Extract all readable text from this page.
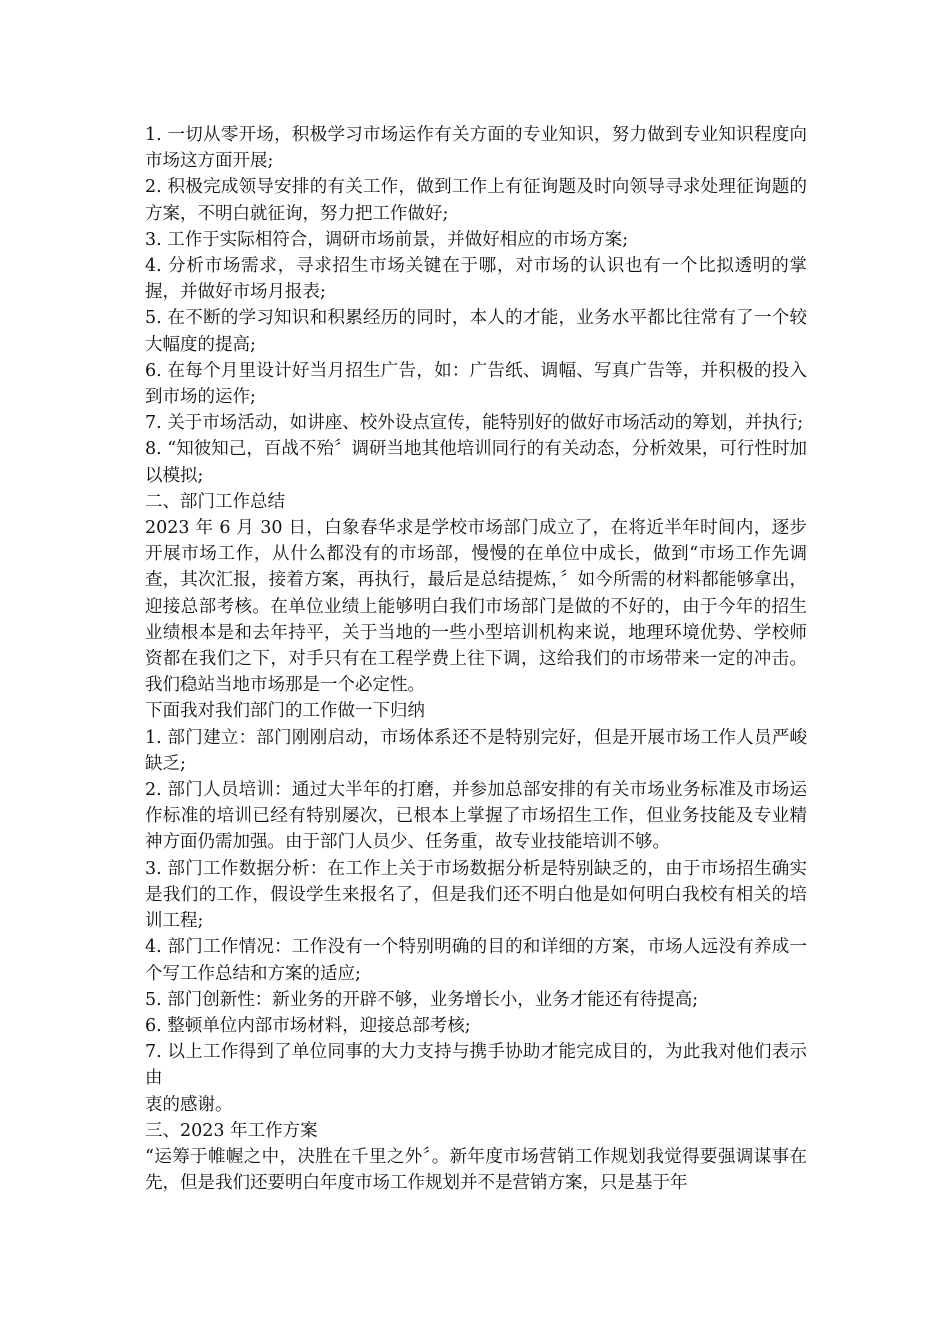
1. 一切从零开场，积极学习市场运作有关方面的专业知识，努力做到专业知识程度向市场这方面开展;

2. 积极完成领导安排的有关工作，做到工作上有征询题及时向领导寻求处理征询题的方案，不明白就征询，努力把工作做好;

3. 工作于实际相符合，调研市场前景，并做好相应的市场方案;

4. 分析市场需求，寻求招生市场关键在于哪，对市场的认识也有一个比拟透明的掌握，并做好市场月报表;

5. 在不断的学习知识和积累经历的同时，本人的才能，业务水平都比往常有了一个较大幅度的提高;

6. 在每个月里设计好当月招生广告，如：广告纸、调幅、写真广告等，并积极的投入到市场的运作;

7. 关于市场活动，如讲座、校外设点宣传，能特别好的做好市场活动的筹划，并执行;

8. “知彼知己，百战不殆〞调研当地其他培训同行的有关动态，分析效果，可行性时加以模拟;

二、部门工作总结

2023 年 6 月 30 日，白象春华求是学校市场部门成立了，在将近半年时间内，逐步开展市场工作，从什么都没有的市场部，慢慢的在单位中成长，做到“市场工作先调查，其次汇报，接着方案，再执行，最后是总结提炼，〞如今所需的材料都能够拿出，迎接总部考核。在单位业绩上能够明白我们市场部门是做的不好的，由于今年的招生业绩根本是和去年持平，关于当地的一些小型培训机构来说，地理环境优势、学校师资都在我们之下，对手只有在工程学费上往下调，这给我们的市场带来一定的冲击。我们稳站当地市场那是一个必定性。

下面我对我们部门的工作做一下归纳

1. 部门建立：部门刚刚启动，市场体系还不是特别完好，但是开展市场工作人员严峻缺乏;

2. 部门人员培训：通过大半年的打磨，并参加总部安排的有关市场业务标准及市场运作标准的培训已经有特别屡次，已根本上掌握了市场招生工作，但业务技能及专业精神方面仍需加强。由于部门人员少、任务重，故专业技能培训不够。

3. 部门工作数据分析：在工作上关于市场数据分析是特别缺乏的，由于市场招生确实是我们的工作，假设学生来报名了，但是我们还不明白他是如何明白我校有相关的培训工程;

4. 部门工作情况：工作没有一个特别明确的目的和详细的方案，市场人远没有养成一个写工作总结和方案的适应;

5. 部门创新性：新业务的开辟不够，业务增长小，业务才能还有待提高;

6. 整顿单位内部市场材料，迎接总部考核;

7. 以上工作得到了单位同事的大力支持与携手协助才能完成目的，为此我对他们表示由

衷的感谢。

三、2023 年工作方案

“运筹于帷幄之中，决胜在千里之外〞。新年度市场营销工作规划我觉得要强调谋事在先，但是我们还要明白年度市场工作规划并不是营销方案，只是基于年
